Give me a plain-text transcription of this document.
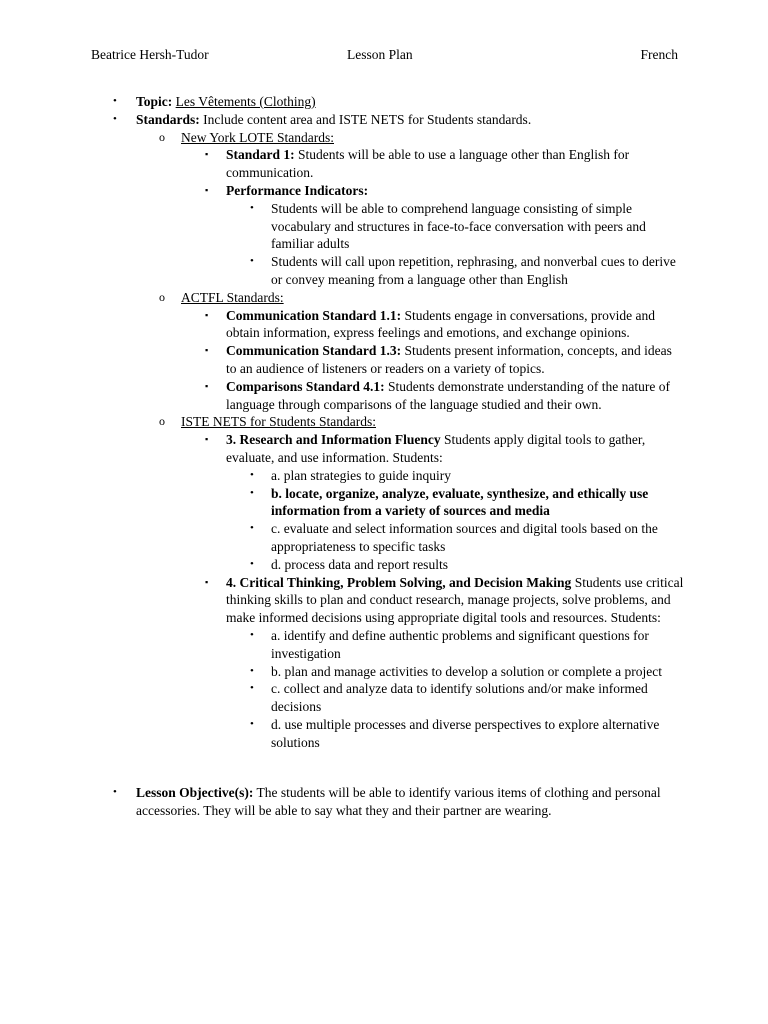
Beatrice Hersh-Tudor	Lesson Plan	French
• Topic: Les Vêtements (Clothing)
• Standards: Include content area and ISTE NETS for Students standards.
o New York LOTE Standards:
▪ Standard 1: Students will be able to use a language other than English for communication.
▪ Performance Indicators:
• Students will be able to comprehend language consisting of simple vocabulary and structures in face-to-face conversation with peers and familiar adults
• Students will call upon repetition, rephrasing, and nonverbal cues to derive or convey meaning from a language other than English
o ACTFL Standards:
▪ Communication Standard 1.1: Students engage in conversations, provide and obtain information, express feelings and emotions, and exchange opinions.
▪ Communication Standard 1.3: Students present information, concepts, and ideas to an audience of listeners or readers on a variety of topics.
▪ Comparisons Standard 4.1: Students demonstrate understanding of the nature of language through comparisons of the language studied and their own.
o ISTE NETS for Students Standards:
▪ 3. Research and Information Fluency Students apply digital tools to gather, evaluate, and use information. Students:
• a. plan strategies to guide inquiry
• b. locate, organize, analyze, evaluate, synthesize, and ethically use information from a variety of sources and media
• c. evaluate and select information sources and digital tools based on the appropriateness to specific tasks
• d. process data and report results
▪ 4. Critical Thinking, Problem Solving, and Decision Making Students use critical thinking skills to plan and conduct research, manage projects, solve problems, and make informed decisions using appropriate digital tools and resources. Students:
• a. identify and define authentic problems and significant questions for investigation
• b. plan and manage activities to develop a solution or complete a project
• c. collect and analyze data to identify solutions and/or make informed decisions
• d. use multiple processes and diverse perspectives to explore alternative solutions
• Lesson Objective(s): The students will be able to identify various items of clothing and personal accessories. They will be able to say what they and their partner are wearing.
